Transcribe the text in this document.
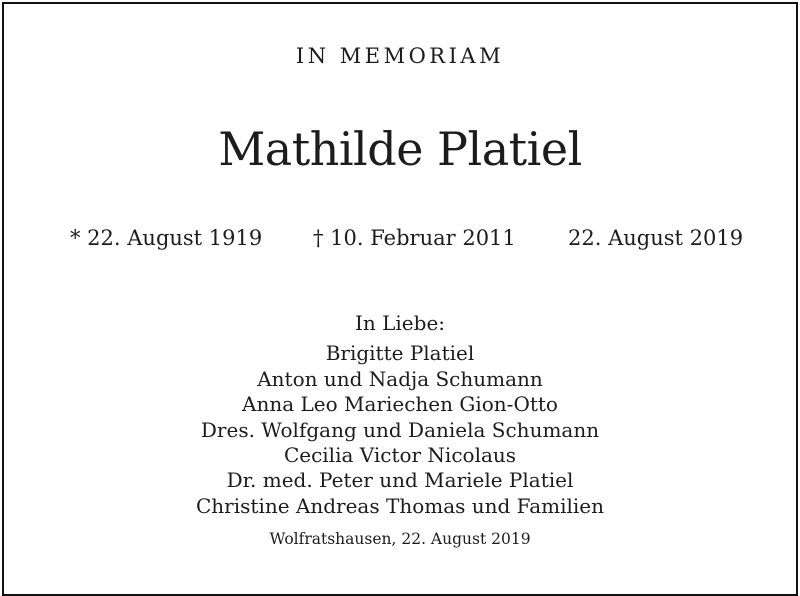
IN MEMORIAM
Mathilde Platiel
* 22. August 1919 † 10. Februar 2011 22. August 2019
In Liebe:
Brigitte Platiel
Anton und Nadja Schumann
Anna Leo Mariechen Gion-Otto
Dres. Wolfgang und Daniela Schumann
Cecilia Victor Nicolaus
Dr. med. Peter und Mariele Platiel
Christine Andreas Thomas und Familien
Wolfratshausen, 22. August 2019
